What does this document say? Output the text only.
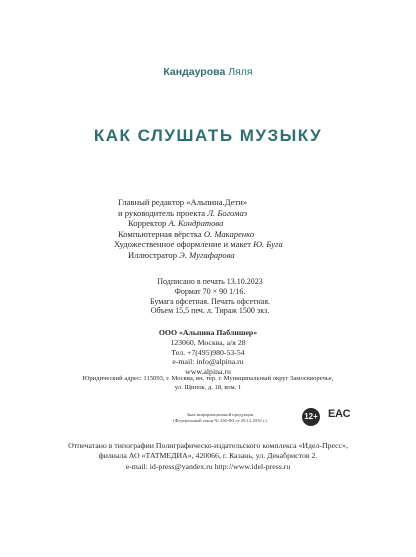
Кандаурова Ляля
КАК СЛУШАТЬ МУЗЫКУ
Главный редактор «Альпина.Дети»
и руководитель проекта Л. Богомаз
Корректор А. Кондратова
Компьютерная вёрстка О. Макаренко
Художественное оформление и макет Ю. Буга
Иллюстратор Э. Мугафарова
Подписано в печать 13.10.2023
Формат 70 × 90 1/16.
Бумага офсетная. Печать офсетная.
Объем 15,5 печ. л. Тираж 1500 экз.
ООО «Альпина Паблишер»
123060, Москва, а/я 28
Тел. +7(495)980-53-54
e-mail: info@alpina.ru
www.alpina.ru
Юридический адрес: 115093, г. Москва, вн. тер. г. Муниципальный округ Замоскворечье,
ул. Щипок, д. 18, ком. 1
Знак информационной продукции
(Федеральный закон № 436-ФЗ от 29.12.2010 г.)	12+ EAC
Отпечатано в типографии Полиграфическо-издательского комплекса «Идел-Пресс»,
филиала АО «ТАТМЕДИА», 420066, г. Казань, ул. Декабристов 2.
e-mail: id-press@yandex.ru http://www.idel-press.ru
